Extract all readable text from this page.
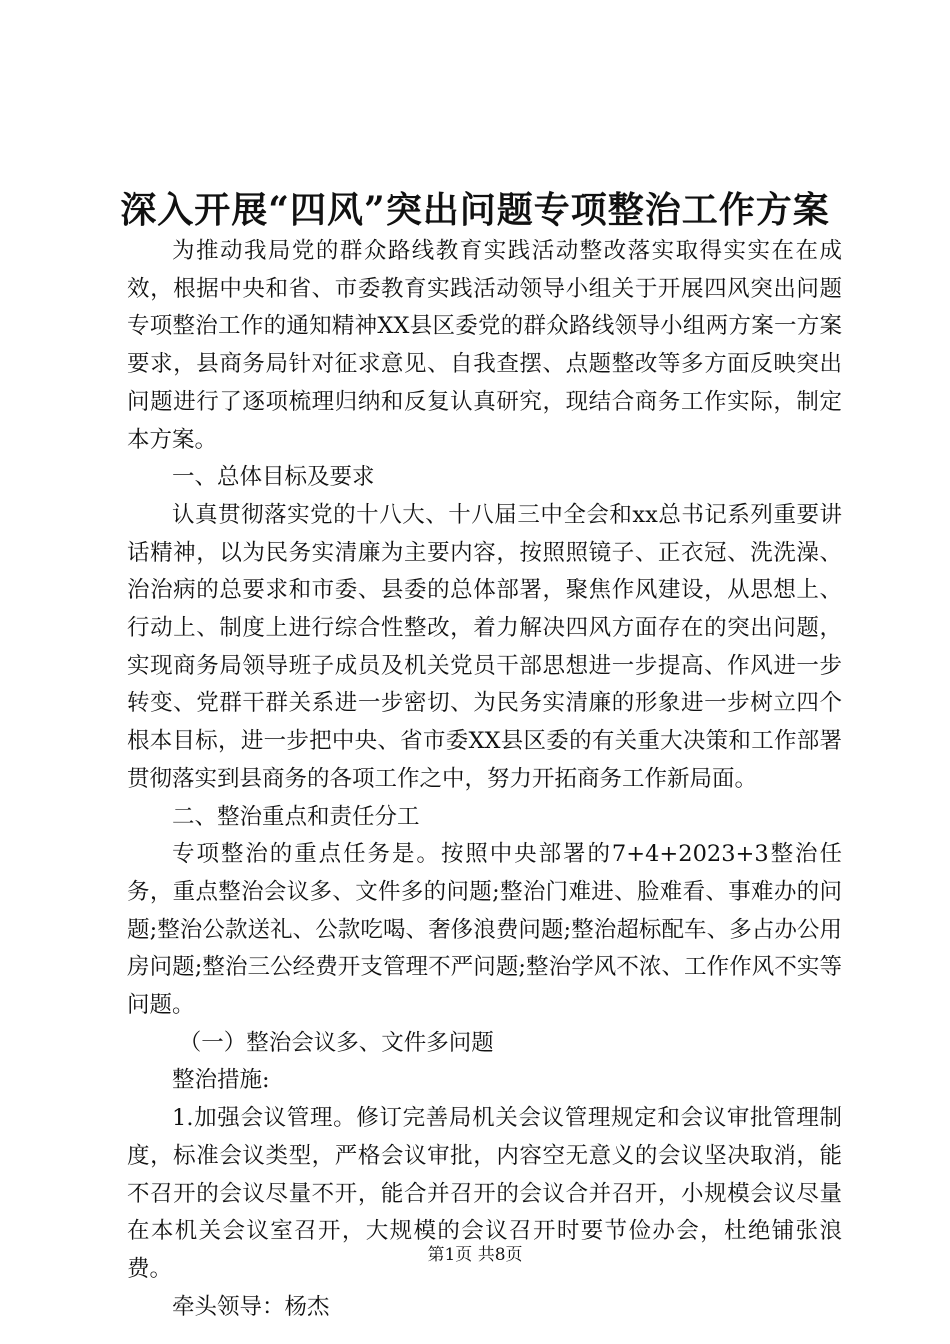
深入开展“四风”突出问题专项整治工作方案

为推动我局党的群众路线教育实践活动整改落实取得实实在在成效，根据中央和省、市委教育实践活动领导小组关于开展四风突出问题专项整治工作的通知精神XX县区委党的群众路线领导小组两方案一方案要求，县商务局针对征求意见、自我查摆、点题整改等多方面反映突出问题进行了逐项梳理归纳和反复认真研究，现结合商务工作实际，制定本方案。

一、总体目标及要求

认真贯彻落实党的十八大、十八届三中全会和xx总书记系列重要讲话精神，以为民务实清廉为主要内容，按照照镜子、正衣冠、洗洗澡、治治病的总要求和市委、县委的总体部署，聚焦作风建设，从思想上、行动上、制度上进行综合性整改，着力解决四风方面存在的突出问题，实现商务局领导班子成员及机关党员干部思想进一步提高、作风进一步转变、党群干群关系进一步密切、为民务实清廉的形象进一步树立四个根本目标，进一步把中央、省市委XX县区委的有关重大决策和工作部署贯彻落实到县商务的各项工作之中，努力开拓商务工作新局面。

二、整治重点和责任分工

专项整治的重点任务是。按照中央部署的7+4+2023+3整治任务，重点整治会议多、文件多的问题;整治门难进、脸难看、事难办的问题;整治公款送礼、公款吃喝、奢侈浪费问题;整治超标配车、多占办公用房问题;整治三公经费开支管理不严问题;整治学风不浓、工作作风不实等问题。

（一）整治会议多、文件多问题

整治措施:

1.加强会议管理。修订完善局机关会议管理规定和会议审批管理制度，标准会议类型，严格会议审批，内容空无意义的会议坚决取消，能不召开的会议尽量不开，能合并召开的会议合并召开，小规模会议尽量在本机关会议室召开，大规模的会议召开时要节俭办会，杜绝铺张浪费。

牵头领导：杨杰

第1页 共8页
